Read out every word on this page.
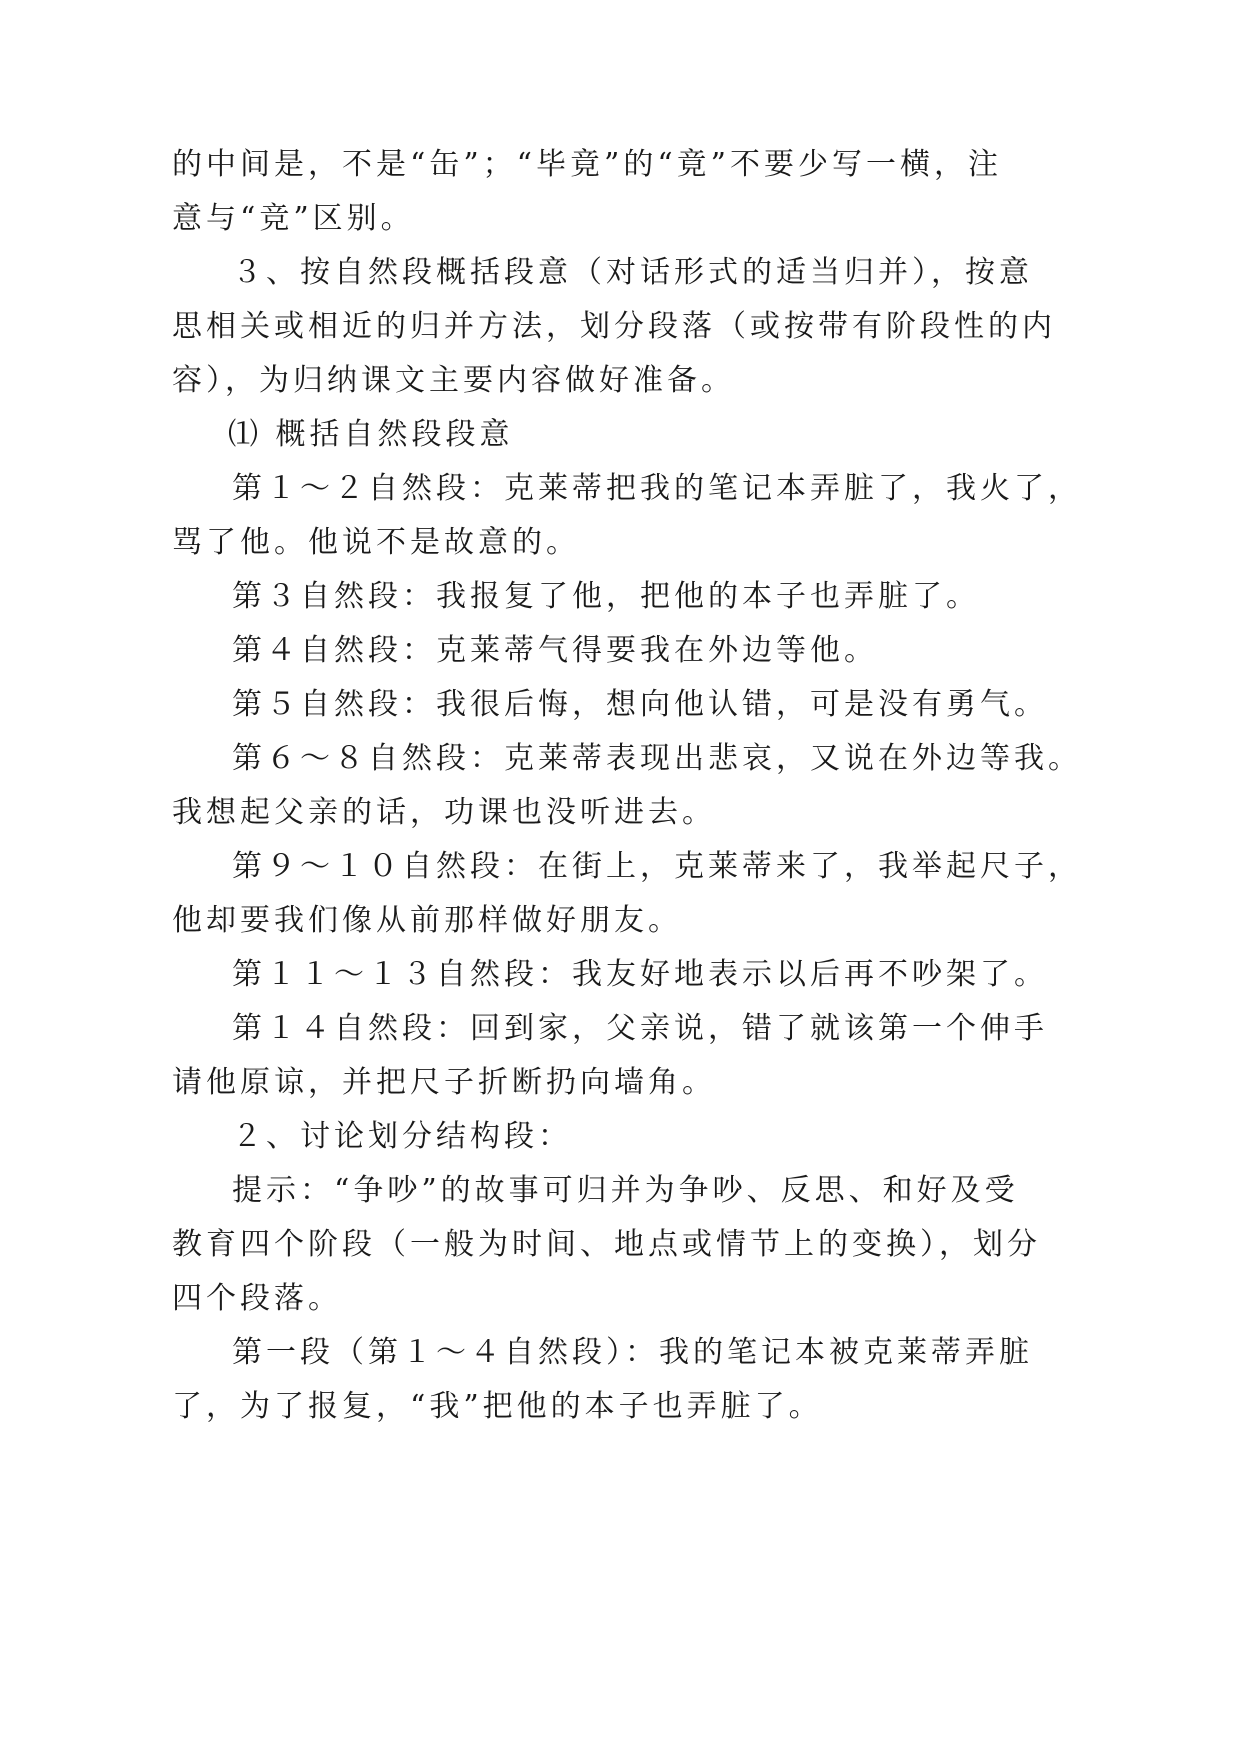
的中间是，不是“缶”；“毕竟”的“竟”不要少写一横，注
意与“竞”区别。
３、按自然段概括段意（对话形式的适当归并），按意
思相关或相近的归并方法，划分段落（或按带有阶段性的内
容），为归纳课文主要内容做好准备。
⑴ 概括自然段段意
第１～２自然段：克莱蒂把我的笔记本弄脏了，我火了，
骂了他。他说不是故意的。
第３自然段：我报复了他，把他的本子也弄脏了。
第４自然段：克莱蒂气得要我在外边等他。
第５自然段：我很后悔，想向他认错，可是没有勇气。
第６～８自然段：克莱蒂表现出悲哀，又说在外边等我。
我想起父亲的话，功课也没听进去。
第９～１０自然段：在街上，克莱蒂来了，我举起尺子，
他却要我们像从前那样做好朋友。
第１１～１３自然段：我友好地表示以后再不吵架了。
第１４自然段：回到家，父亲说，错了就该第一个伸手
请他原谅，并把尺子折断扔向墙角。
２、讨论划分结构段：
提示：“争吵”的故事可归并为争吵、反思、和好及受
教育四个阶段（一般为时间、地点或情节上的变换），划分
四个段落。
第一段（第１～４自然段）：我的笔记本被克莱蒂弄脏
了，为了报复，“我”把他的本子也弄脏了。
